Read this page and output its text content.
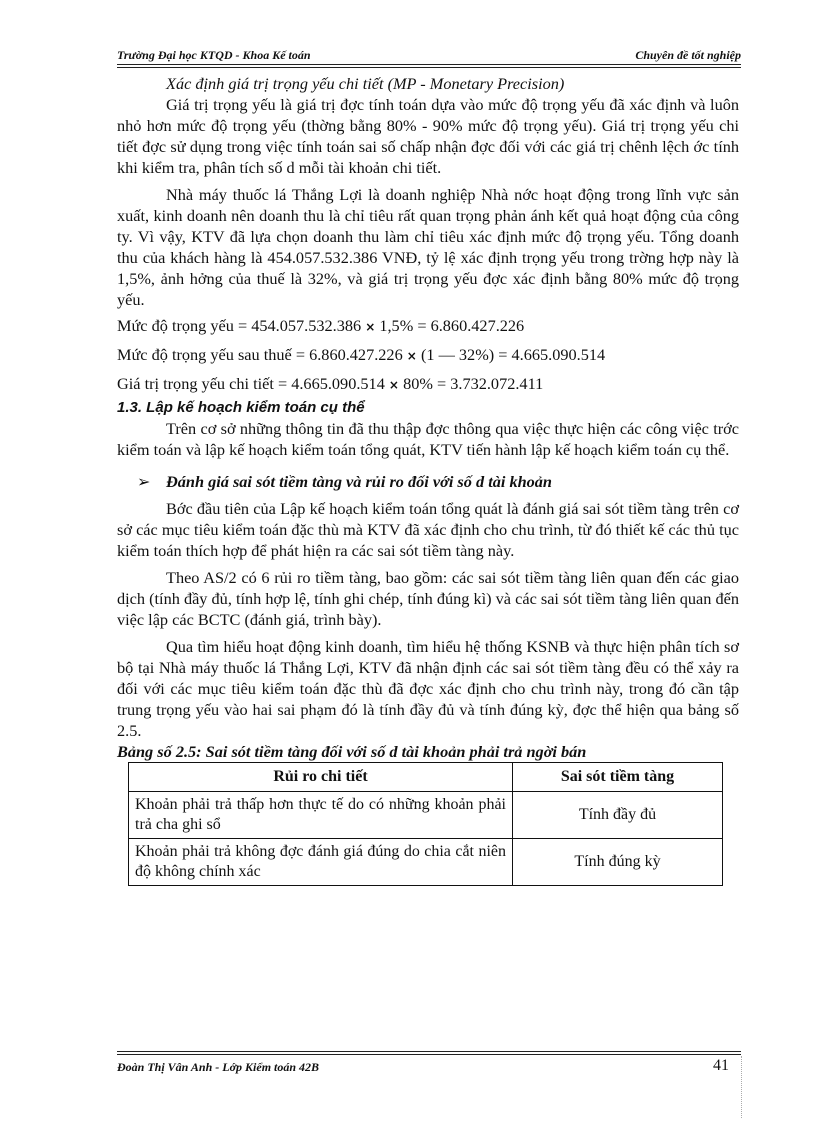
Trường Đại học KTQD - Khoa Kế toán	Chuyên đề tốt nghiệp

Xác định giá trị trọng yếu chi tiết (MP - Monetary Precision)

Giá trị trọng yếu là giá trị đợc tính toán dựa vào mức độ trọng yếu đã xác định và luôn nhỏ hơn mức độ trọng yếu (thờng bằng 80% - 90% mức độ trọng yếu). Giá trị trọng yếu chi tiết đợc sử dụng trong việc tính toán sai số chấp nhận đợc đối với các giá trị chênh lệch ớc tính khi kiểm tra, phân tích số d mỗi tài khoản chi tiết.

Nhà máy thuốc lá Thắng Lợi là doanh nghiệp Nhà nớc hoạt động trong lĩnh vực sản xuất, kinh doanh nên doanh thu là chỉ tiêu rất quan trọng phản ánh kết quả hoạt động của công ty. Vì vậy, KTV đã lựa chọn doanh thu làm chỉ tiêu xác định mức độ trọng yếu. Tổng doanh thu của khách hàng là 454.057.532.386 VNĐ, tỷ lệ xác định trọng yếu trong trờng hợp này là 1,5%, ảnh hởng của thuế là 32%, và giá trị trọng yếu đợc xác định bằng 80% mức độ trọng yếu.

Mức độ trọng yếu = 454.057.532.386 × 1,5% = 6.860.427.226

Mức độ trọng yếu sau thuế = 6.860.427.226 × (1 — 32%) = 4.665.090.514

Giá trị trọng yếu chi tiết = 4.665.090.514 × 80% = 3.732.072.411

1.3. Lập kế hoạch kiểm toán cụ thể

Trên cơ sở những thông tin đã thu thập đợc thông qua việc thực hiện các công việc trớc kiểm toán và lập kế hoạch kiểm toán tổng quát, KTV tiến hành lập kế hoạch kiểm toán cụ thể.

➢ Đánh giá sai sót tiềm tàng và rủi ro đối với số d tài khoản

Bớc đầu tiên của Lập kế hoạch kiểm toán tổng quát là đánh giá sai sót tiềm tàng trên cơ sở các mục tiêu kiểm toán đặc thù mà KTV đã xác định cho chu trình, từ đó thiết kế các thủ tục kiểm toán thích hợp để phát hiện ra các sai sót tiềm tàng này.

Theo AS/2 có 6 rủi ro tiềm tàng, bao gồm: các sai sót tiềm tàng liên quan đến các giao dịch (tính đầy đủ, tính hợp lệ, tính ghi chép, tính đúng kì) và các sai sót tiềm tàng liên quan đến việc lập các BCTC (đánh giá, trình bày).

Qua tìm hiểu hoạt động kinh doanh, tìm hiểu hệ thống KSNB và thực hiện phân tích sơ bộ tại Nhà máy thuốc lá Thắng Lợi, KTV đã nhận định các sai sót tiềm tàng đều có thể xảy ra đối với các mục tiêu kiểm toán đặc thù đã đợc xác định cho chu trình này, trong đó cần tập trung trọng yếu vào hai sai phạm đó là tính đầy đủ và tính đúng kỳ, đợc thể hiện qua bảng số 2.5.

Bảng số 2.5: Sai sót tiềm tàng đối với số d tài khoản phải trả ngời bán

Rủi ro chi tiết	Sai sót tiềm tàng
Khoản phải trả thấp hơn thực tế do có những khoản phải trả cha ghi sổ	Tính đầy đủ
Khoản phải trả không đợc đánh giá đúng do chia cắt niên độ không chính xác	Tính đúng kỳ
Đoàn Thị Vân Anh - Lớp Kiểm toán 42B	41
